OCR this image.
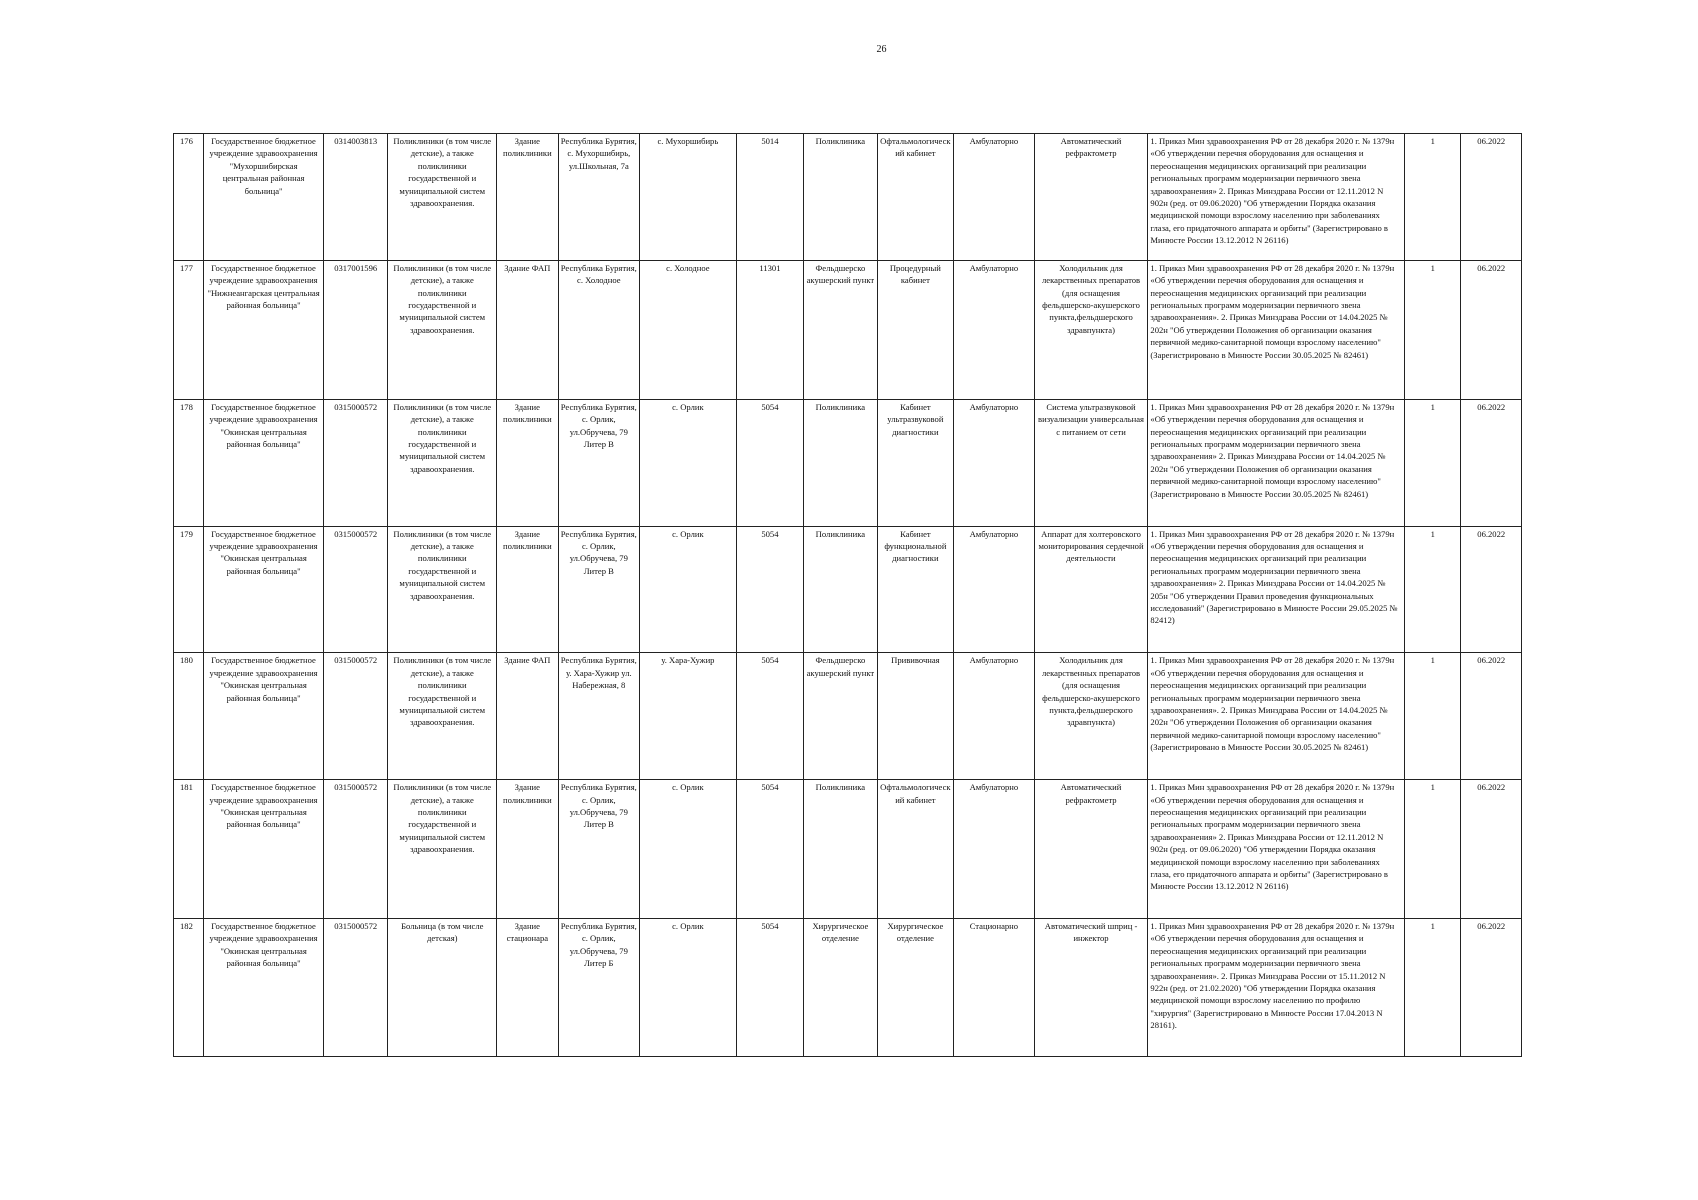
26
176	Государственное бюджетное учреждение здравоохранения "Мухоршибирская центральная районная больница"	0314003813	Поликлиники (в том числе детские), а также поликлиники государственной и муниципальной систем здравоохранения.	Здание поликлиники	Республика Бурятия, с. Мухоршибирь, ул.Школьная, 7а	с. Мухоршибирь	5014	Поликлиника	Офтальмологический кабинет	Амбулаторно	Автоматический рефрактометр	1. Приказ Мин здравоохранения РФ от 28 декабря 2020 г. № 1379н «Об утверждении перечня оборудования для оснащения и переоснащения медицинских организаций при реализации региональных программ модернизации первичного звена здравоохранения» 2. Приказ Минздрава России от 12.11.2012 N 902н (ред. от 09.06.2020) "Об утверждении Порядка оказания медицинской помощи взрослому населению при заболеваниях глаза, его придаточного аппарата и орбиты" (Зарегистрировано в Минюсте России 13.12.2012 N 26116)	1	06.2022
177	Государственное бюджетное учреждение здравоохранения "Нижнеангарская центральная районная больница"	0317001596	Поликлиники (в том числе детские), а также поликлиники государственной и муниципальной систем здравоохранения.	Здание ФАП	Республика Бурятия, с. Холодное	с. Холодное	11301	Фельдшерско акушерский пункт	Процедурный кабинет	Амбулаторно	Холодильник для лекарственных препаратов (для оснащения фельдшерско-акушерского пункта,фельдшерского здравпункта)	1. Приказ Мин здравоохранения РФ от 28 декабря 2020 г. № 1379н «Об утверждении перечня оборудования для оснащения и переоснащения медицинских организаций при реализации региональных программ модернизации первичного звена здравоохранения». 2. Приказ Минздрава России от 14.04.2025 № 202н "Об утверждении Положения об организации оказания первичной медико-санитарной помощи взрослому населению" (Зарегистрировано в Минюсте России 30.05.2025 № 82461)	1	06.2022
178	Государственное бюджетное учреждение здравоохранения "Окинская центральная районная больница"	0315000572	Поликлиники (в том числе детские), а также поликлиники государственной и муниципальной систем здравоохранения.	Здание поликлиники	Республика Бурятия, с. Орлик, ул.Обручева, 79 Литер В	с. Орлик	5054	Поликлиника	Кабинет ультразвуковой диагностики	Амбулаторно	Система ультразвуковой визуализации универсальная с питанием от сети	1. Приказ Мин здравоохранения РФ от 28 декабря 2020 г. № 1379н «Об утверждении перечня оборудования для оснащения и переоснащения медицинских организаций при реализации региональных программ модернизации первичного звена здравоохранения» 2. Приказ Минздрава России от 14.04.2025 № 202н "Об утверждении Положения об организации оказания первичной медико-санитарной помощи взрослому населению" (Зарегистрировано в Минюсте России 30.05.2025 № 82461)	1	06.2022
179	Государственное бюджетное учреждение здравоохранения "Окинская центральная районная больница"	0315000572	Поликлиники (в том числе детские), а также поликлиники государственной и муниципальной систем здравоохранения.	Здание поликлиники	Республика Бурятия, с. Орлик, ул.Обручева, 79 Литер В	с. Орлик	5054	Поликлиника	Кабинет функциональной диагностики	Амбулаторно	Аппарат для холтеровского мониторирования сердечной деятельности	1. Приказ Мин здравоохранения РФ от 28 декабря 2020 г. № 1379н «Об утверждении перечня оборудования для оснащения и переоснащения медицинских организаций при реализации региональных программ модернизации первичного звена здравоохранения» 2. Приказ Минздрава России от 14.04.2025 № 205н "Об утверждении Правил проведения функциональных исследований" (Зарегистрировано в Минюсте России 29.05.2025 № 82412)	1	06.2022
180	Государственное бюджетное учреждение здравоохранения "Окинская центральная районная больница"	0315000572	Поликлиники (в том числе детские), а также поликлиники государственной и муниципальной систем здравоохранения.	Здание ФАП	Республика Бурятия, у. Хара-Хужир ул. Набережная, 8	у. Хара-Хужир	5054	Фельдшерско акушерский пункт	Прививочная	Амбулаторно	Холодильник для лекарственных препаратов (для оснащения фельдшерско-акушерского пункта,фельдшерского здравпункта)	1. Приказ Мин здравоохранения РФ от 28 декабря 2020 г. № 1379н «Об утверждении перечня оборудования для оснащения и переоснащения медицинских организаций при реализации региональных программ модернизации первичного звена здравоохранения». 2. Приказ Минздрава России от 14.04.2025 № 202н "Об утверждении Положения об организации оказания первичной медико-санитарной помощи взрослому населению" (Зарегистрировано в Минюсте России 30.05.2025 № 82461)	1	06.2022
181	Государственное бюджетное учреждение здравоохранения "Окинская центральная районная больница"	0315000572	Поликлиники (в том числе детские), а также поликлиники государственной и муниципальной систем здравоохранения.	Здание поликлиники	Республика Бурятия, с. Орлик, ул.Обручева, 79 Литер В	с. Орлик	5054	Поликлиника	Офтальмологический кабинет	Амбулаторно	Автоматический рефрактометр	1. Приказ Мин здравоохранения РФ от 28 декабря 2020 г. № 1379н «Об утверждении перечня оборудования для оснащения и переоснащения медицинских организаций при реализации региональных программ модернизации первичного звена здравоохранения» 2. Приказ Минздрава России от 12.11.2012 N 902н (ред. от 09.06.2020) "Об утверждении Порядка оказания медицинской помощи взрослому населению при заболеваниях глаза, его придаточного аппарата и орбиты" (Зарегистрировано в Минюсте России 13.12.2012 N 26116)	1	06.2022
182	Государственное бюджетное учреждение здравоохранения "Окинская центральная районная больница"	0315000572	Больница (в том числе детская)	Здание стационара	Республика Бурятия, с. Орлик, ул.Обручева, 79 Литер Б	с. Орлик	5054	Хирургическое отделение	Хирургическое отделение	Стационарно	Автоматический шприц - инжектор	1. Приказ Мин здравоохранения РФ от 28 декабря 2020 г. № 1379н «Об утверждении перечня оборудования для оснащения и переоснащения медицинских организаций при реализации региональных программ модернизации первичного звена здравоохранения». 2. Приказ Минздрава России от 15.11.2012 N 922н (ред. от 21.02.2020) "Об утверждении Порядка оказания медицинской помощи взрослому населению по профилю "хирургия" (Зарегистрировано в Минюсте России 17.04.2013 N 28161).	1	06.2022
